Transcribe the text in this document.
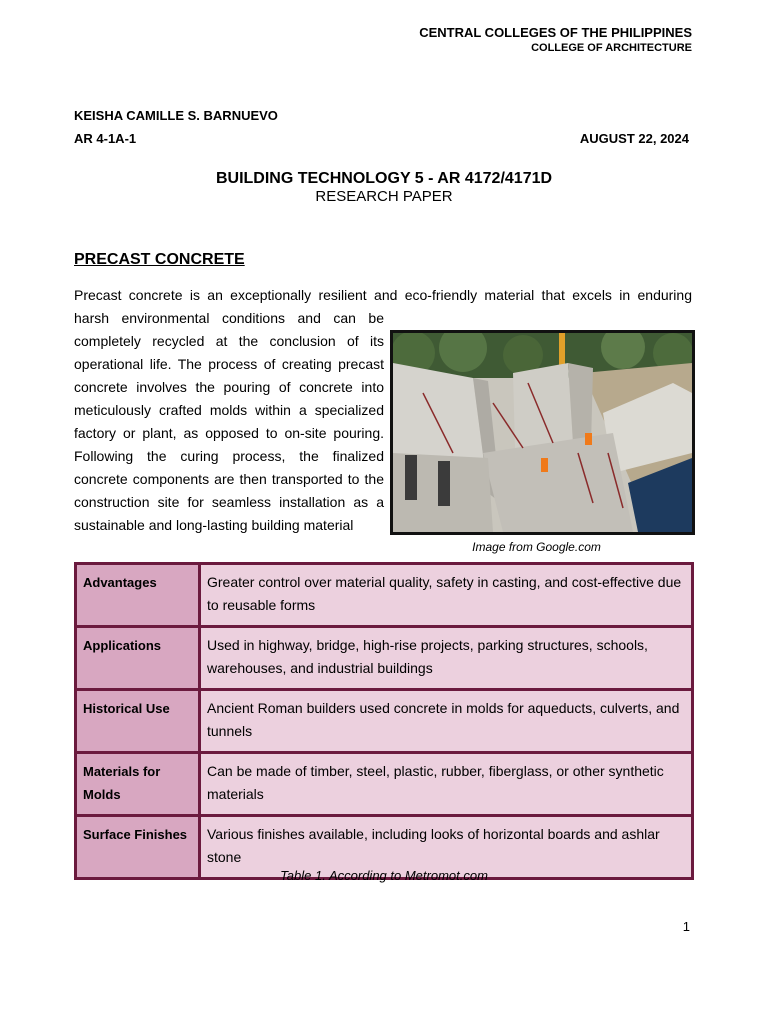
CENTRAL COLLEGES OF THE PHILIPPINES
COLLEGE OF ARCHITECTURE
KEISHA CAMILLE S. BARNUEVO
AR 4-1A-1	AUGUST 22, 2024
BUILDING TECHNOLOGY 5 - AR 4172/4171D
RESEARCH PAPER
PRECAST CONCRETE
Precast concrete is an exceptionally resilient and eco-friendly material that excels in enduring
harsh environmental conditions and can be completely recycled at the conclusion of its operational life. The process of creating precast concrete involves the pouring of concrete into meticulously crafted molds within a specialized factory or plant, as opposed to on-site pouring. Following the curing process, the finalized concrete components are then transported to the construction site for seamless installation as a sustainable and long-lasting building material
Image from Google.com
Advantages	Greater control over material quality, safety in casting, and cost-effective due to reusable forms
Applications	Used in highway, bridge, high-rise projects, parking structures, schools, warehouses, and industrial buildings
Historical Use	Ancient Roman builders used concrete in molds for aqueducts, culverts, and tunnels
Materials for Molds	Can be made of timber, steel, plastic, rubber, fiberglass, or other synthetic materials
Surface Finishes	Various finishes available, including looks of horizontal boards and ashlar stone
Table 1. According to Metromot.com
1
